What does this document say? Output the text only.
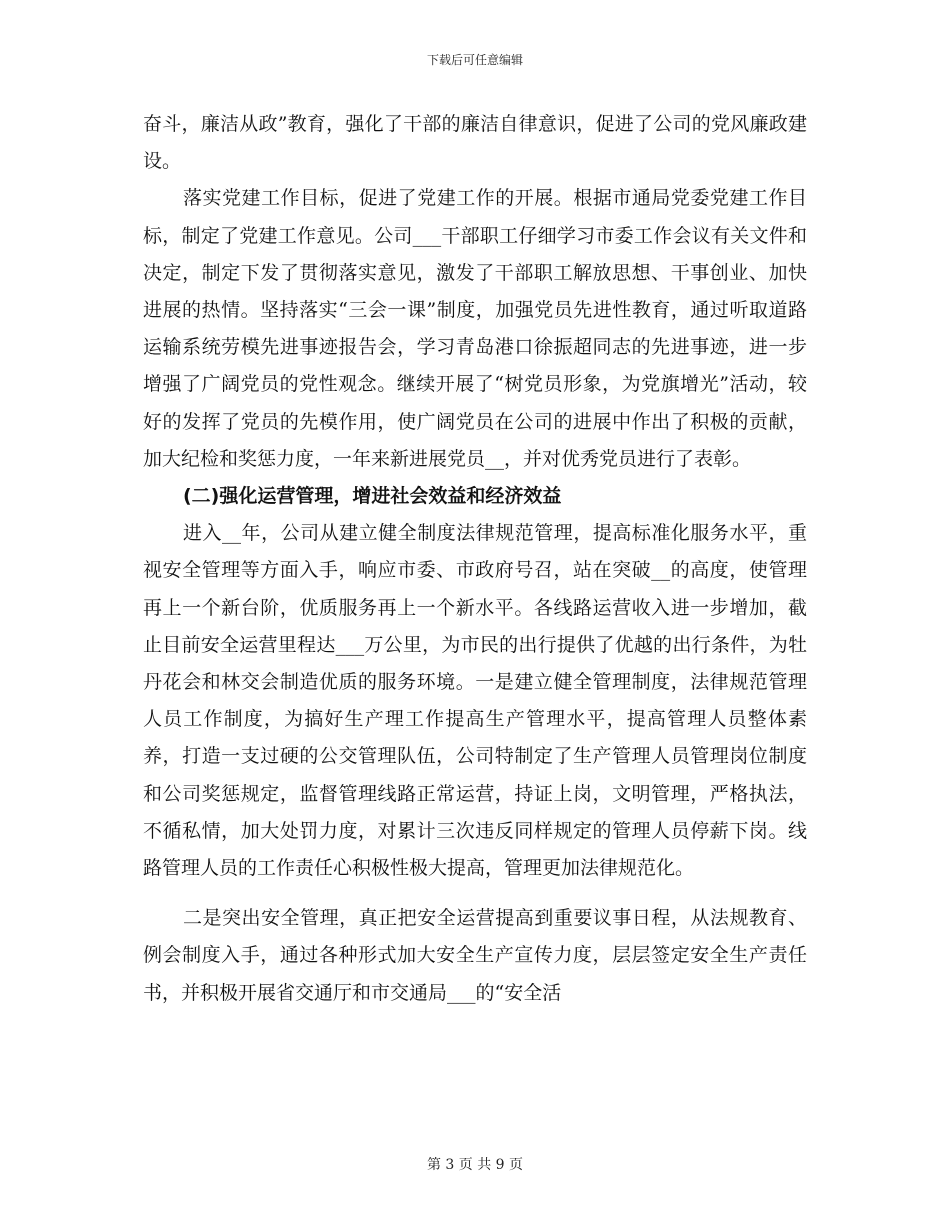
下载后可任意编辑

奋斗，廉洁从政”教育，强化了干部的廉洁自律意识，促进了公司的党风廉政建设。

落实党建工作目标，促进了党建工作的开展。根据市通局党委党建工作目标，制定了党建工作意见。公司___干部职工仔细学习市委工作会议有关文件和决定，制定下发了贯彻落实意见，激发了干部职工解放思想、干事创业、加快进展的热情。坚持落实“三会一课”制度，加强党员先进性教育，通过听取道路运输系统劳模先进事迹报告会，学习青岛港口徐振超同志的先进事迹，进一步增强了广阔党员的党性观念。继续开展了“树党员形象，为党旗增光”活动，较好的发挥了党员的先模作用，使广阔党员在公司的进展中作出了积极的贡献，加大纪检和奖惩力度，一年来新进展党员__，并对优秀党员进行了表彰。

(二)强化运营管理，增进社会效益和经济效益

进入__年，公司从建立健全制度法律规范管理，提高标准化服务水平，重视安全管理等方面入手，响应市委、市政府号召，站在突破__的高度，使管理再上一个新台阶，优质服务再上一个新水平。各线路运营收入进一步增加，截止目前安全运营里程达___万公里，为市民的出行提供了优越的出行条件，为牡丹花会和林交会制造优质的服务环境。一是建立健全管理制度，法律规范管理人员工作制度，为搞好生产理工作提高生产管理水平，提高管理人员整体素养，打造一支过硬的公交管理队伍，公司特制定了生产管理人员管理岗位制度和公司奖惩规定，监督管理线路正常运营，持证上岗，文明管理，严格执法，不循私情，加大处罚力度，对累计三次违反同样规定的管理人员停薪下岗。线路管理人员的工作责任心积极性极大提高，管理更加法律规范化。

二是突出安全管理，真正把安全运营提高到重要议事日程，从法规教育、例会制度入手，通过各种形式加大安全生产宣传力度，层层签定安全生产责任书，并积极开展省交通厅和市交通局___的“安全活

第 3 页 共 9 页
